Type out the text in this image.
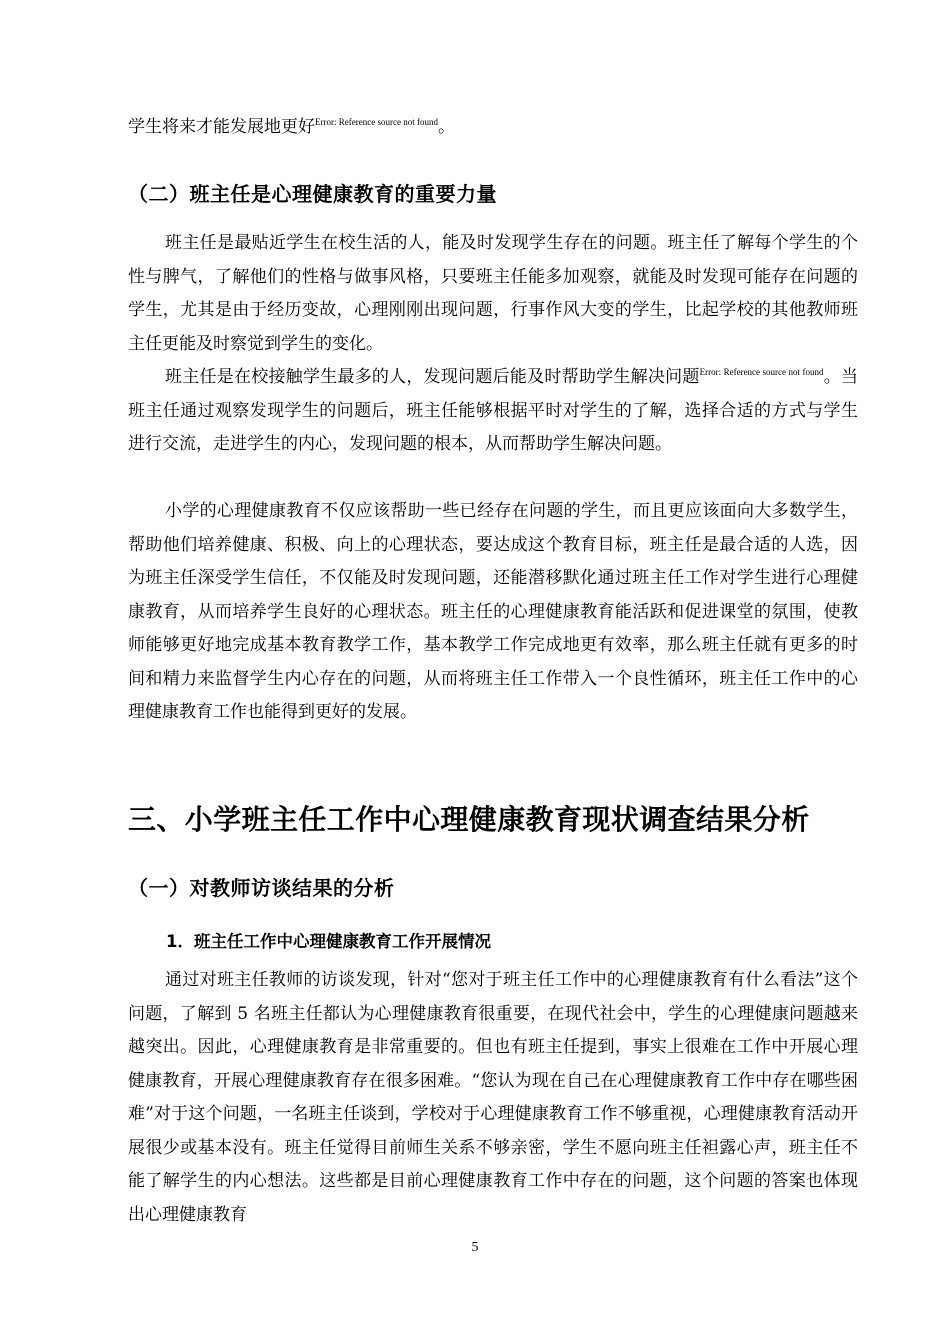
学生将来才能发展地更好$^{Error: Reference source not found}$。

（二）班主任是心理健康教育的重要力量

班主任是最贴近学生在校生活的人，能及时发现学生存在的问题。班主任了解每个学生的个性与脾气，了解他们的性格与做事风格，只要班主任能多加观察，就能及时发现可能存在问题的学生，尤其是由于经历变故，心理刚刚出现问题，行事作风大变的学生，比起学校的其他教师班主任更能及时察觉到学生的变化。

班主任是在校接触学生最多的人，发现问题后能及时帮助学生解决问题$^{Error: Reference source not found}$。当班主任通过观察发现学生的问题后，班主任能够根据平时对学生的了解，选择合适的方式与学生进行交流，走进学生的内心，发现问题的根本，从而帮助学生解决问题。

小学的心理健康教育不仅应该帮助一些已经存在问题的学生，而且更应该面向大多数学生，帮助他们培养健康、积极、向上的心理状态，要达成这个教育目标，班主任是最合适的人选，因为班主任深受学生信任，不仅能及时发现问题，还能潜移默化通过班主任工作对学生进行心理健康教育，从而培养学生良好的心理状态。班主任的心理健康教育能活跃和促进课堂的氛围，使教师能够更好地完成基本教育教学工作，基本教学工作完成地更有效率，那么班主任就有更多的时间和精力来监督学生内心存在的问题，从而将班主任工作带入一个良性循环，班主任工作中的心理健康教育工作也能得到更好的发展。

三、小学班主任工作中心理健康教育现状调查结果分析
（一）对教师访谈结果的分析
1．班主任工作中心理健康教育工作开展情况

通过对班主任教师的访谈发现，针对“您对于班主任工作中的心理健康教育有什么看法”这个问题，了解到 5 名班主任都认为心理健康教育很重要，在现代社会中，学生的心理健康问题越来越突出。因此，心理健康教育是非常重要的。但也有班主任提到，事实上很难在工作中开展心理健康教育，开展心理健康教育存在很多困难。“您认为现在自己在心理健康教育工作中存在哪些困难”对于这个问题，一名班主任谈到，学校对于心理健康教育工作不够重视，心理健康教育活动开展很少或基本没有。班主任觉得目前师生关系不够亲密，学生不愿向班主任袒露心声，班主任不能了解学生的内心想法。这些都是目前心理健康教育工作中存在的问题，这个问题的答案也体现出心理健康教育

5
